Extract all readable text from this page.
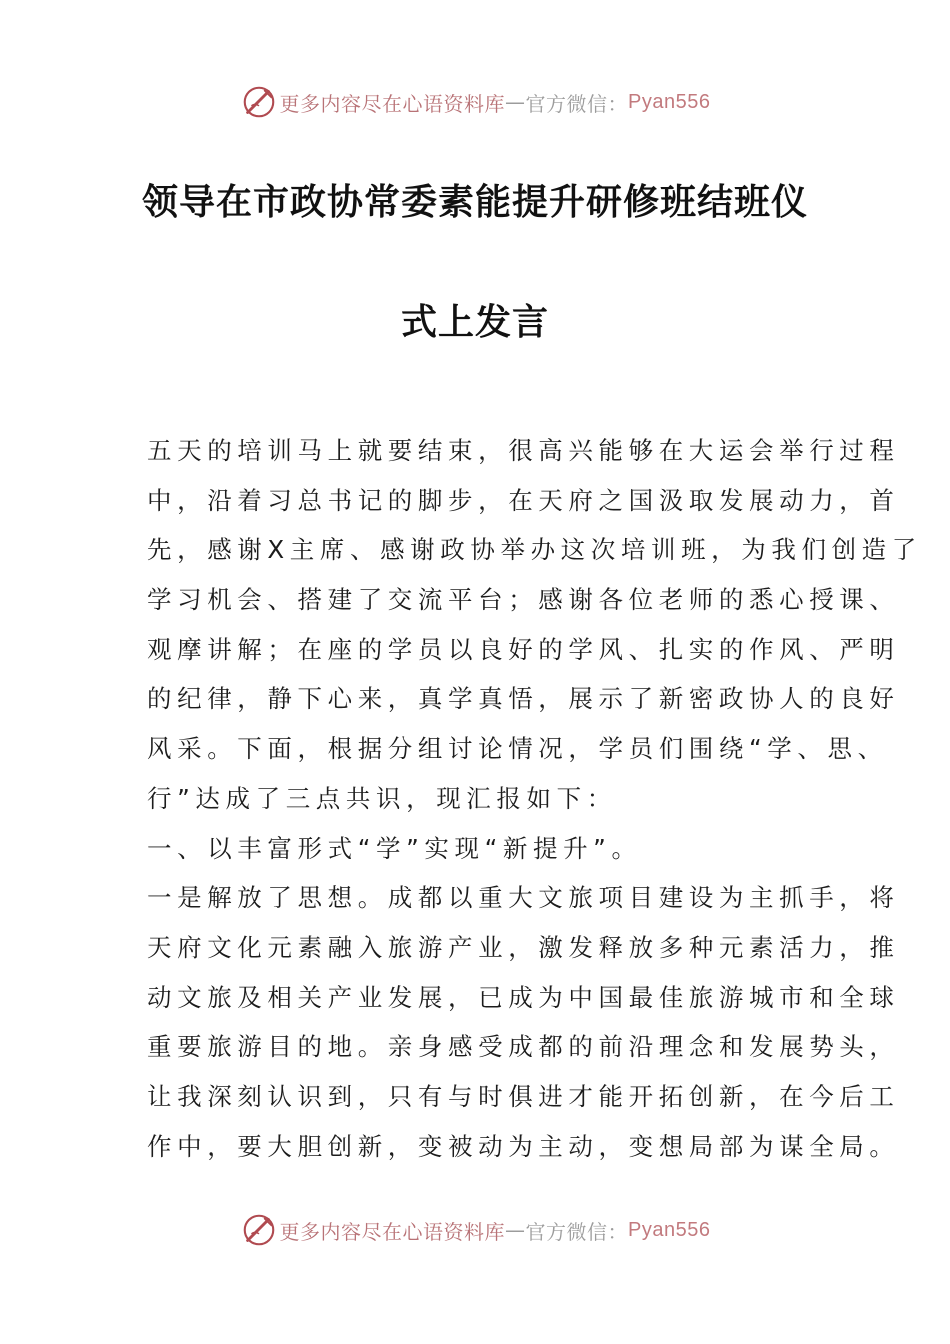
更多内容尽在心语资料库 — 官方微信： Pyan556
领导在市政协常委素能提升研修班结班仪
式上发言
五天的培训马上就要结束，很高兴能够在大运会举行过程
中，沿着习总书记的脚步，在天府之国汲取发展动力，首
先，感谢X主席、感谢政协举办这次培训班，为我们创造了
学习机会、搭建了交流平台；感谢各位老师的悉心授课、
观摩讲解；在座的学员以良好的学风、扎实的作风、严明
的纪律，静下心来，真学真悟，展示了新密政协人的良好
风采。下面，根据分组讨论情况，学员们围绕“学、思、
行”达成了三点共识，现汇报如下：
一、以丰富形式“学”实现“新提升”。
一是解放了思想。成都以重大文旅项目建设为主抓手，将
天府文化元素融入旅游产业，激发释放多种元素活力，推
动文旅及相关产业发展，已成为中国最佳旅游城市和全球
重要旅游目的地。亲身感受成都的前沿理念和发展势头，
让我深刻认识到，只有与时俱进才能开拓创新，在今后工
作中，要大胆创新，变被动为主动，变想局部为谋全局。
更多内容尽在心语资料库 — 官方微信： Pyan556
